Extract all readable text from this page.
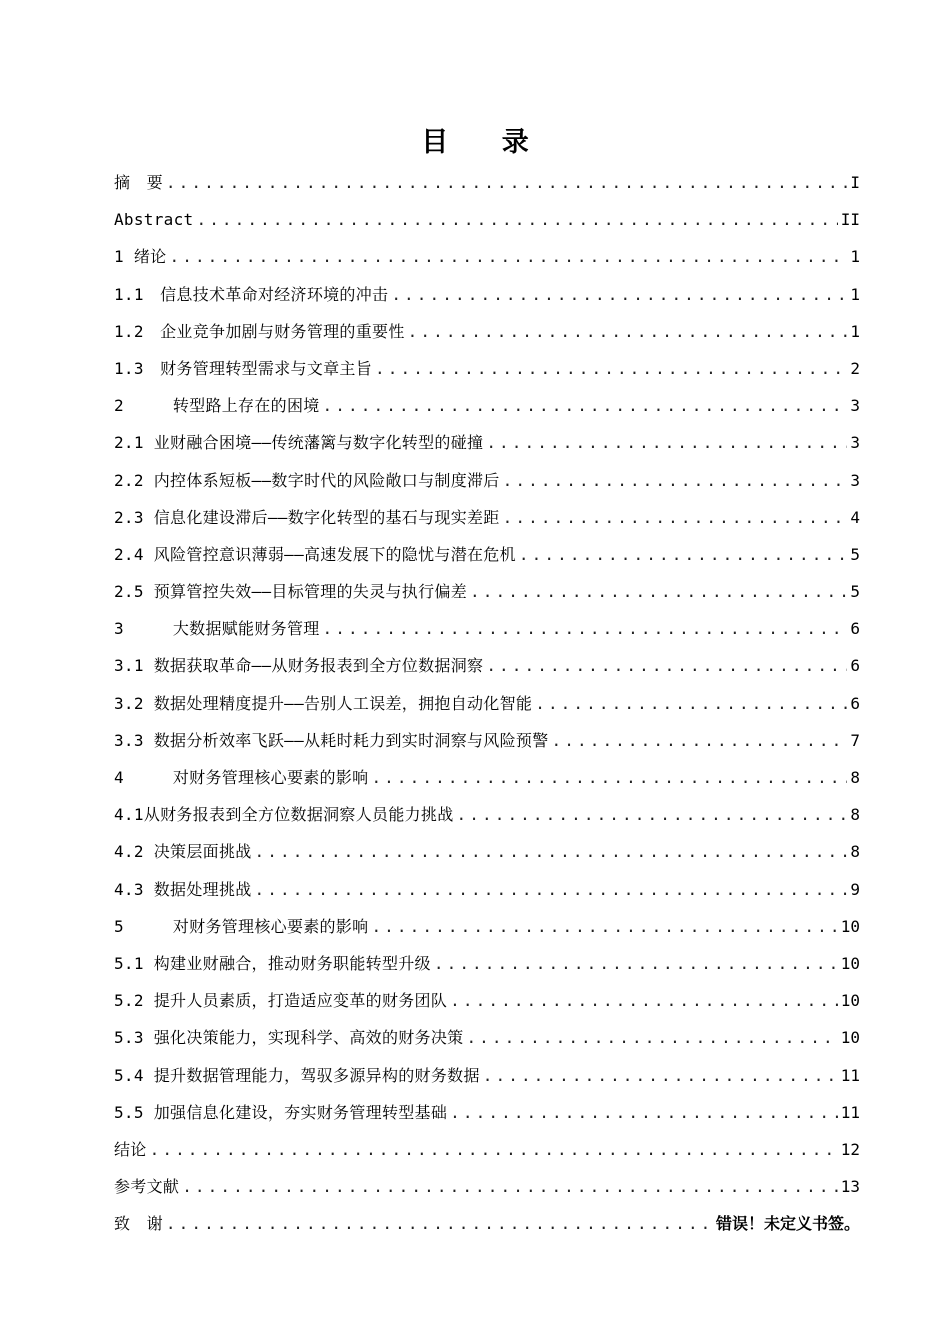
目 录
摘　要 .....	I
Abstract .....	II
1 绪论 .....	1
1.1　信息技术革命对经济环境的冲击 .....	1
1.2　企业竞争加剧与财务管理的重要性 .....	1
1.3　财务管理转型需求与文章主旨 .....	2
2　　　转型路上存在的困境 .....	3
2.1 业财融合困境——传统藩篱与数字化转型的碰撞 .....	3
2.2 内控体系短板——数字时代的风险敞口与制度滞后 .....	3
2.3 信息化建设滞后——数字化转型的基石与现实差距 .....	4
2.4 风险管控意识薄弱——高速发展下的隐忧与潜在危机 .....	5
2.5 预算管控失效——目标管理的失灵与执行偏差 .....	5
3　　　大数据赋能财务管理 .....	6
3.1 数据获取革命——从财务报表到全方位数据洞察 .....	6
3.2 数据处理精度提升——告别人工误差，拥抱自动化智能 .....	6
3.3 数据分析效率飞跃——从耗时耗力到实时洞察与风险预警 .....	7
4　　　对财务管理核心要素的影响 .....	8
4.1从财务报表到全方位数据洞察人员能力挑战 .....	8
4.2 决策层面挑战 .....	8
4.3 数据处理挑战 .....	9
5　　　对财务管理核心要素的影响 .....	10
5.1 构建业财融合，推动财务职能转型升级 .....	10
5.2 提升人员素质，打造适应变革的财务团队 .....	10
5.3 强化决策能力，实现科学、高效的财务决策 .....	10
5.4 提升数据管理能力，驾驭多源异构的财务数据 .....	11
5.5 加强信息化建设，夯实财务管理转型基础 .....	11
结论 .....	12
参考文献 .....	13
致　谢 .....	错误！未定义书签。
